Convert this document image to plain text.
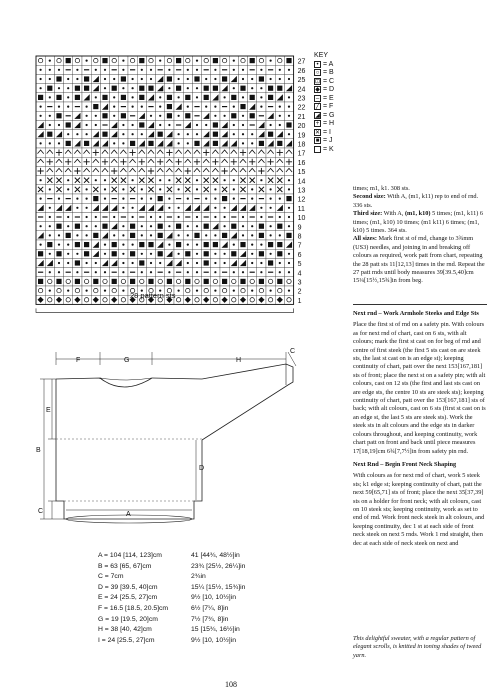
27
26
25
24
23
22
21
20
19
18
17
16
15
14
13
12
11
10
9
8
7
6
5
4
3
2
1
28 pattern sts
KEY
• = A
○ = B
⊡ = C
◆ = D
– = E
╱ = F
◢ = G
+ = H
✕ = I
■ = J
= K

times; m1, k1. 308 sts.
Second size: With A, (m1, k11) rep to end of rnd. 336 sts.
Third size: With A, (m1, k10) 5 times; (m1, k11) 6 times; (m1, k10) 10 times; (m1 k11) 6 times; (m1, k10) 5 times. 364 sts.
All sizes: Mark first st of rnd, change to 3¾mm (US3) needles, and joining in and breaking off colours as required, work patt from chart, repeating the 28 patt sts 11[12,13] times in the rnd. Repeat the 27 patt rnds until body measures 39[39.5,40]cm 15¼[15½,15¾]in from beg.

Next rnd – Work Armhole Steeks and Edge Sts

Place the first st of rnd on a safety pin. With colours as for next rnd of chart, cast on 6 sts, with alt colours; mark the first st cast on for beg of rnd and centre of first steek (the first 5 sts cast on are steek sts, the last st cast on is an edge st); keeping continuity of chart, patt over the next 153[167,181] sts of front; place the next st on a safety pin; with alt colours, cast on 12 sts (the first and last sts cast on are edge sts, the centre 10 sts are steek sts); keeping continuity of chart, patt over the 153[167,181] sts of back; with alt colours, cast on 6 sts (first st cast on is an edge st, the last 5 sts are steek sts). Work the steek sts in alt colours and the edge sts in darker colours throughout, and keeping continuity, work chart patt on front and back until piece measures 17[18,19]cm 6¾[7,7½]in from safety pin rnd.

Next Rnd – Begin Front Neck Shaping

With colours as for next rnd of chart, work 5 steek sts; k1 edge st; keeping continuity of chart, patt the next 59[65,71] sts of front; place the next 35[37,39] sts on a holder for front neck; with alt colours, cast on 10 steek sts; keeping continuity, work as set to end of rnd. Work front neck steek in alt colours, and keeping continuity, dec 1 st at each side of front neck steek on next 5 rnds. Work 1 rnd straight, then dec at each side of neck steek on next and

F	G	H
C
E
B
C
D
A
A = 104 [114, 123]cm	41 [44¾, 48½]in
B = 63 [65, 67]cm	23¾ [25½, 26¼]in
C = 7cm	2¾in
D = 39 [39.5, 40]cm	15¼ [15½, 15¾]in
E = 24 [25.5, 27]cm	9½ [10, 10½]in
F = 16.5 [18.5, 20.5]cm	6½ [7¼, 8]in
G = 19 [19.5, 20]cm	7½ [7¾, 8]in
H = 38 [40, 42]cm	15 [15¾, 16½]in
I = 24 [25.5, 27]cm	9½ [10, 10½]in	This delightful sweater, with a regular pattern of elegant scrolls, is knitted in toning shades of tweed yarn.
108
